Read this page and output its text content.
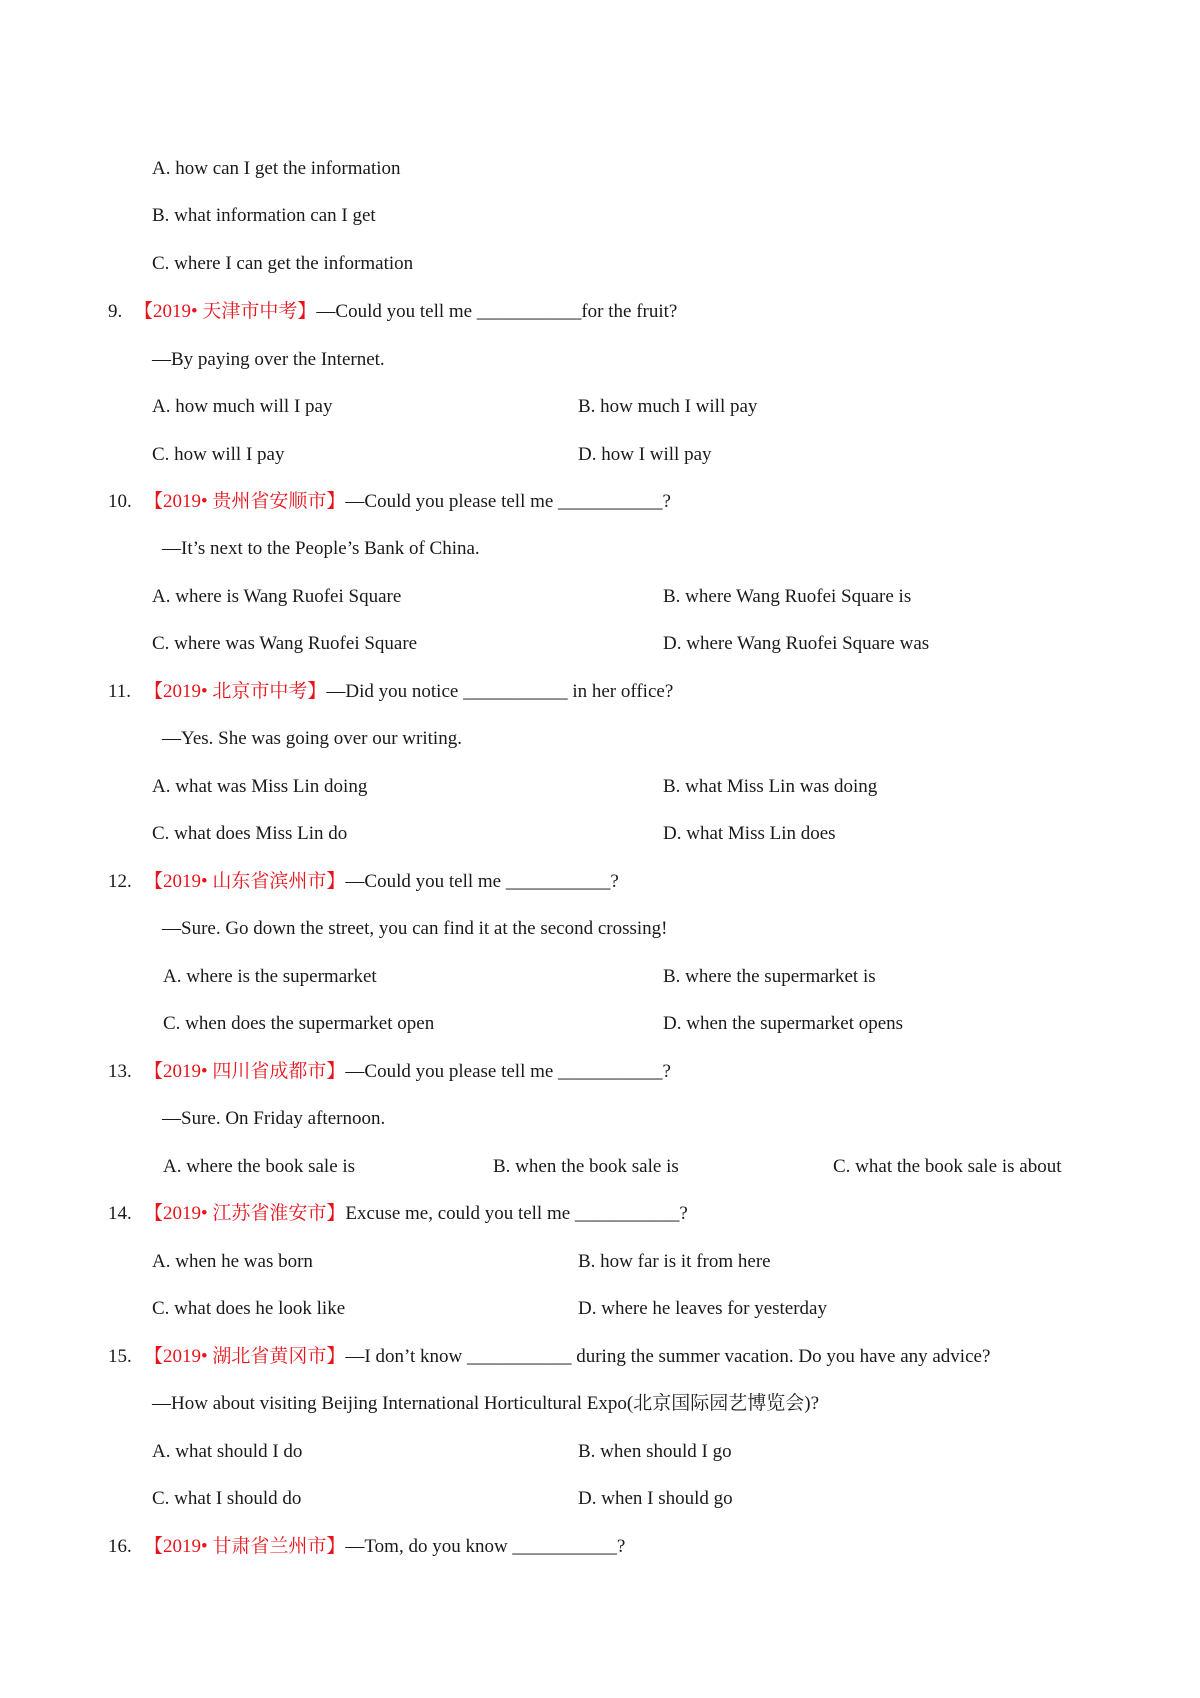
A. how can I get the information
B. what information can I get
C. where I can get the information
9. 【2019• 天津市中考】—Could you tell me ___________for the fruit?
—By paying over the Internet.
A. how much will I pay	B. how much I will pay
C. how will I pay	D. how I will pay
10. 【2019• 贵州省安顺市】—Could you please tell me ___________?
—It’s next to the People’s Bank of China.
A. where is Wang Ruofei Square	B. where Wang Ruofei Square is
C. where was Wang Ruofei Square	D. where Wang Ruofei Square was
11. 【2019• 北京市中考】—Did you notice ___________ in her office?
—Yes. She was going over our writing.
A. what was Miss Lin doing	B. what Miss Lin was doing
C. what does Miss Lin do	D. what Miss Lin does
12. 【2019• 山东省滨州市】—Could you tell me ___________?
—Sure. Go down the street, you can find it at the second crossing!
A. where is the supermarket	B. where the supermarket is
C. when does the supermarket open	D. when the supermarket opens
13. 【2019• 四川省成都市】—Could you please tell me ___________?
—Sure. On Friday afternoon.
A. where the book sale is	B. when the book sale is	C. what the book sale is about
14. 【2019• 江苏省淮安市】Excuse me, could you tell me ___________?
A. when he was born	B. how far is it from here
C. what does he look like	D. where he leaves for yesterday
15. 【2019• 湖北省黄冈市】—I don’t know ___________ during the summer vacation. Do you have any advice?
—How about visiting Beijing International Horticultural Expo(北京国际园艺博览会)?
A. what should I do	B. when should I go
C. what I should do	D. when I should go
16. 【2019• 甘肃省兰州市】—Tom, do you know ___________?
